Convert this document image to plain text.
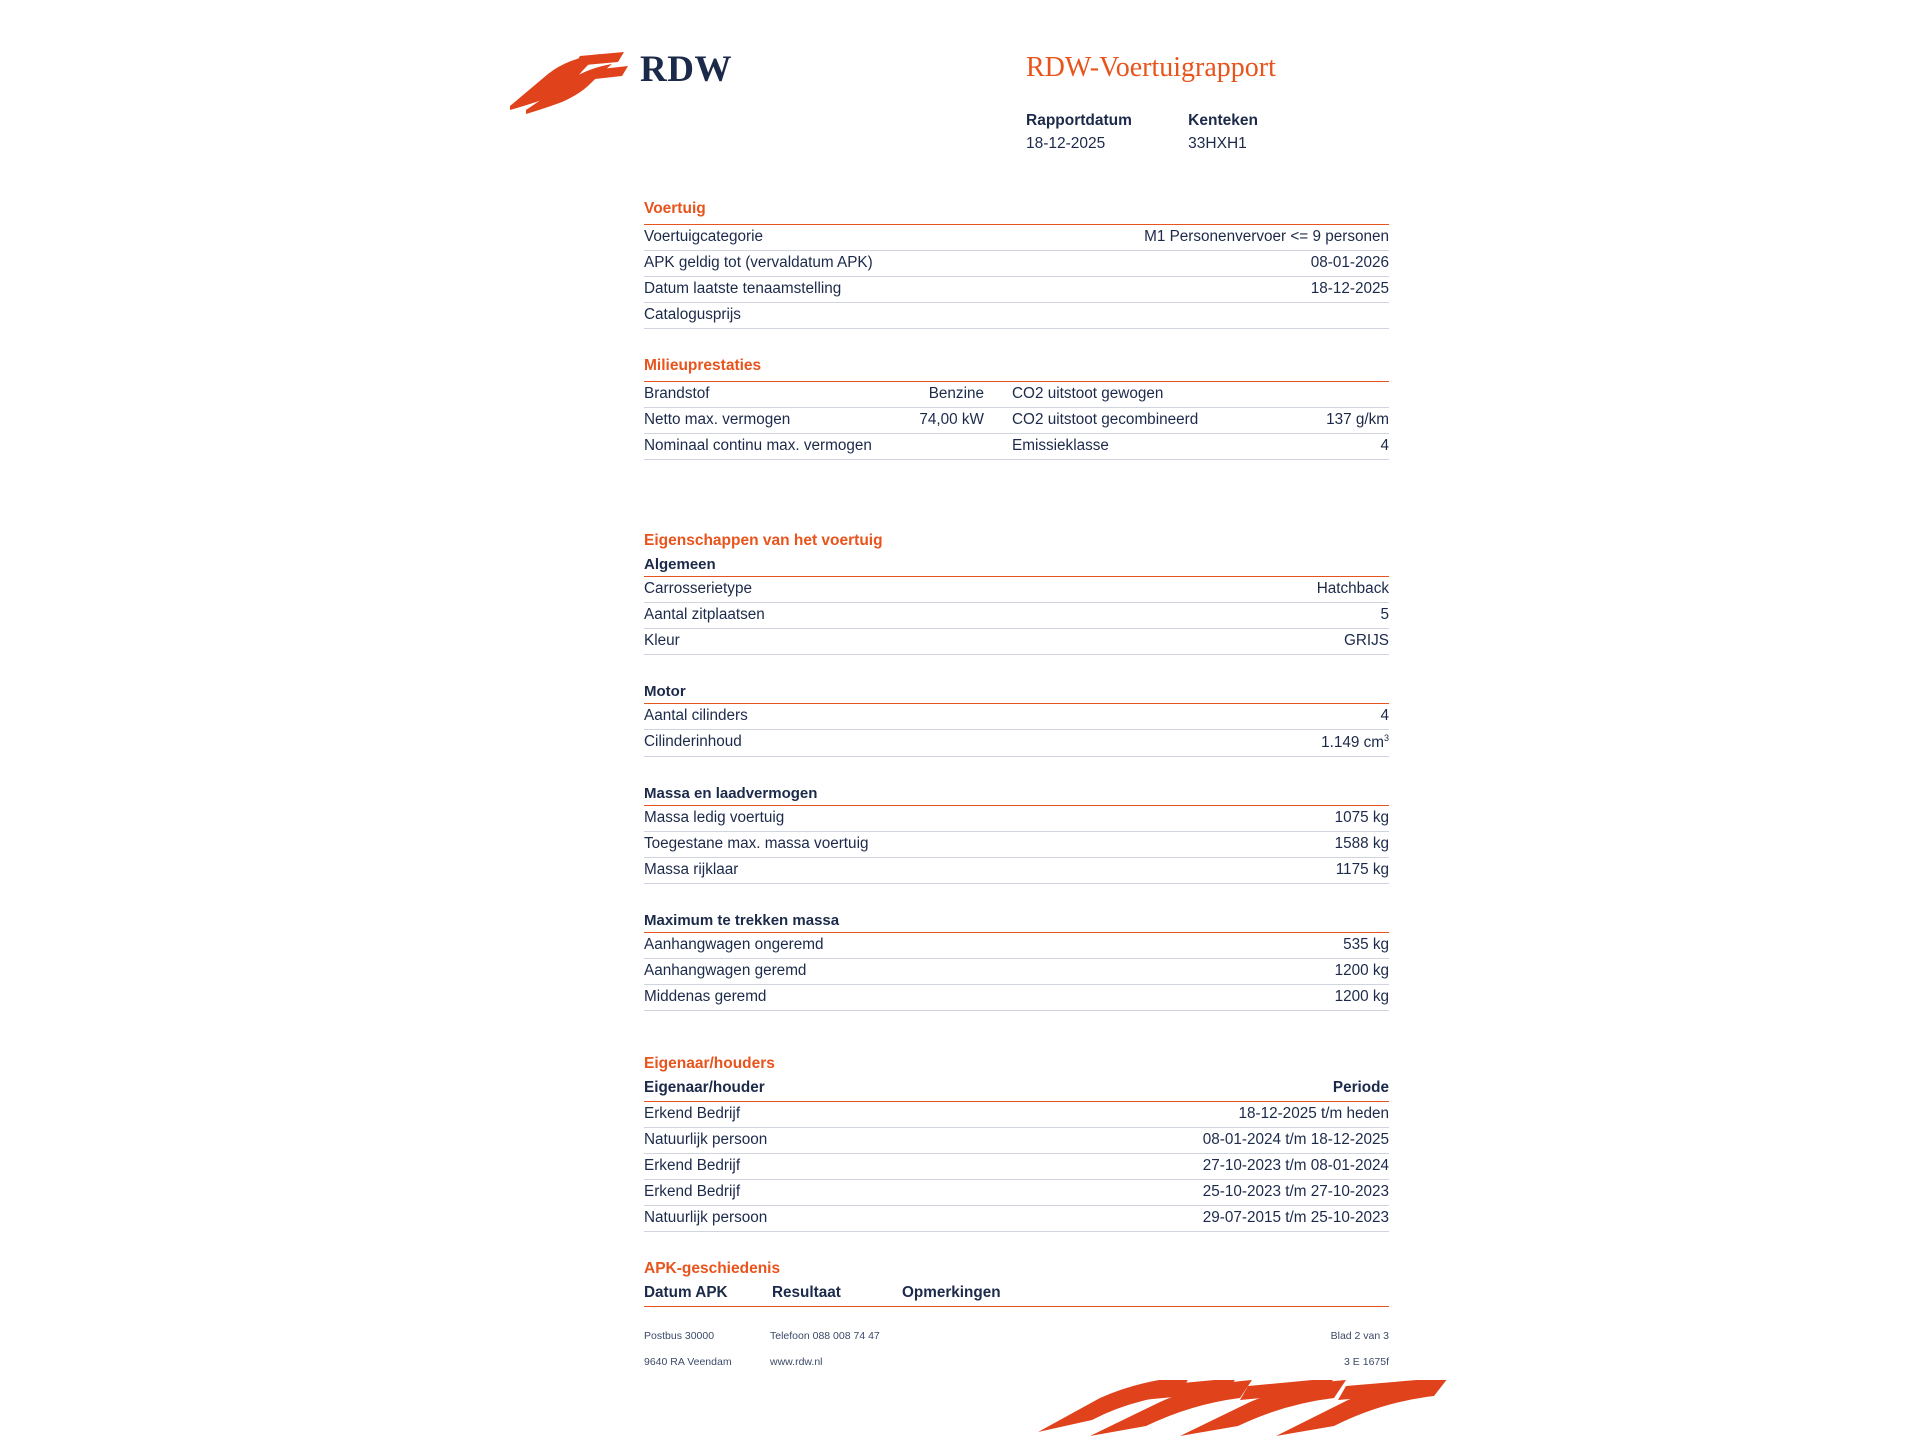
RDW	RDW-Voertuigrapport
Rapportdatum
18-12-2025

Kenteken
33HXH1
Voertuig
Voertuigcategorie	M1 Personenvervoer <= 9 personen
APK geldig tot (vervaldatum APK)	08-01-2026
Datum laatste tenaamstelling	18-12-2025
Catalogusprijs	
Milieuprestaties
Brandstof	Benzine	CO2 uitstoot gewogen	
Netto max. vermogen	74,00 kW	CO2 uitstoot gecombineerd	137 g/km
Nominaal continu max. vermogen		Emissieklasse	4
Eigenschappen van het voertuig
Algemeen
Carrosserietype	Hatchback
Aantal zitplaatsen	5
Kleur	GRIJS
Motor
Aantal cilinders	4
Cilinderinhoud	1.149 $cm^3$
Massa en laadvermogen
Massa ledig voertuig	1075 kg
Toegestane max. massa voertuig	1588 kg
Massa rijklaar	1175 kg
Maximum te trekken massa
Aanhangwagen ongeremd	535 kg
Aanhangwagen geremd	1200 kg
Middenas geremd	1200 kg
Eigenaar/houders
Eigenaar/houder	Periode
Erkend Bedrijf	18-12-2025 t/m heden
Natuurlijk persoon	08-01-2024 t/m 18-12-2025
Erkend Bedrijf	27-10-2023 t/m 08-01-2024
Erkend Bedrijf	25-10-2023 t/m 27-10-2023
Natuurlijk persoon	29-07-2015 t/m 25-10-2023
APK-geschiedenis
Datum APK	Resultaat	Opmerkingen
Postbus 30000	Telefoon 088 008 74 47	Blad 2 van 3
9640 RA Veendam	www.rdw.nl	3 E 1675f
